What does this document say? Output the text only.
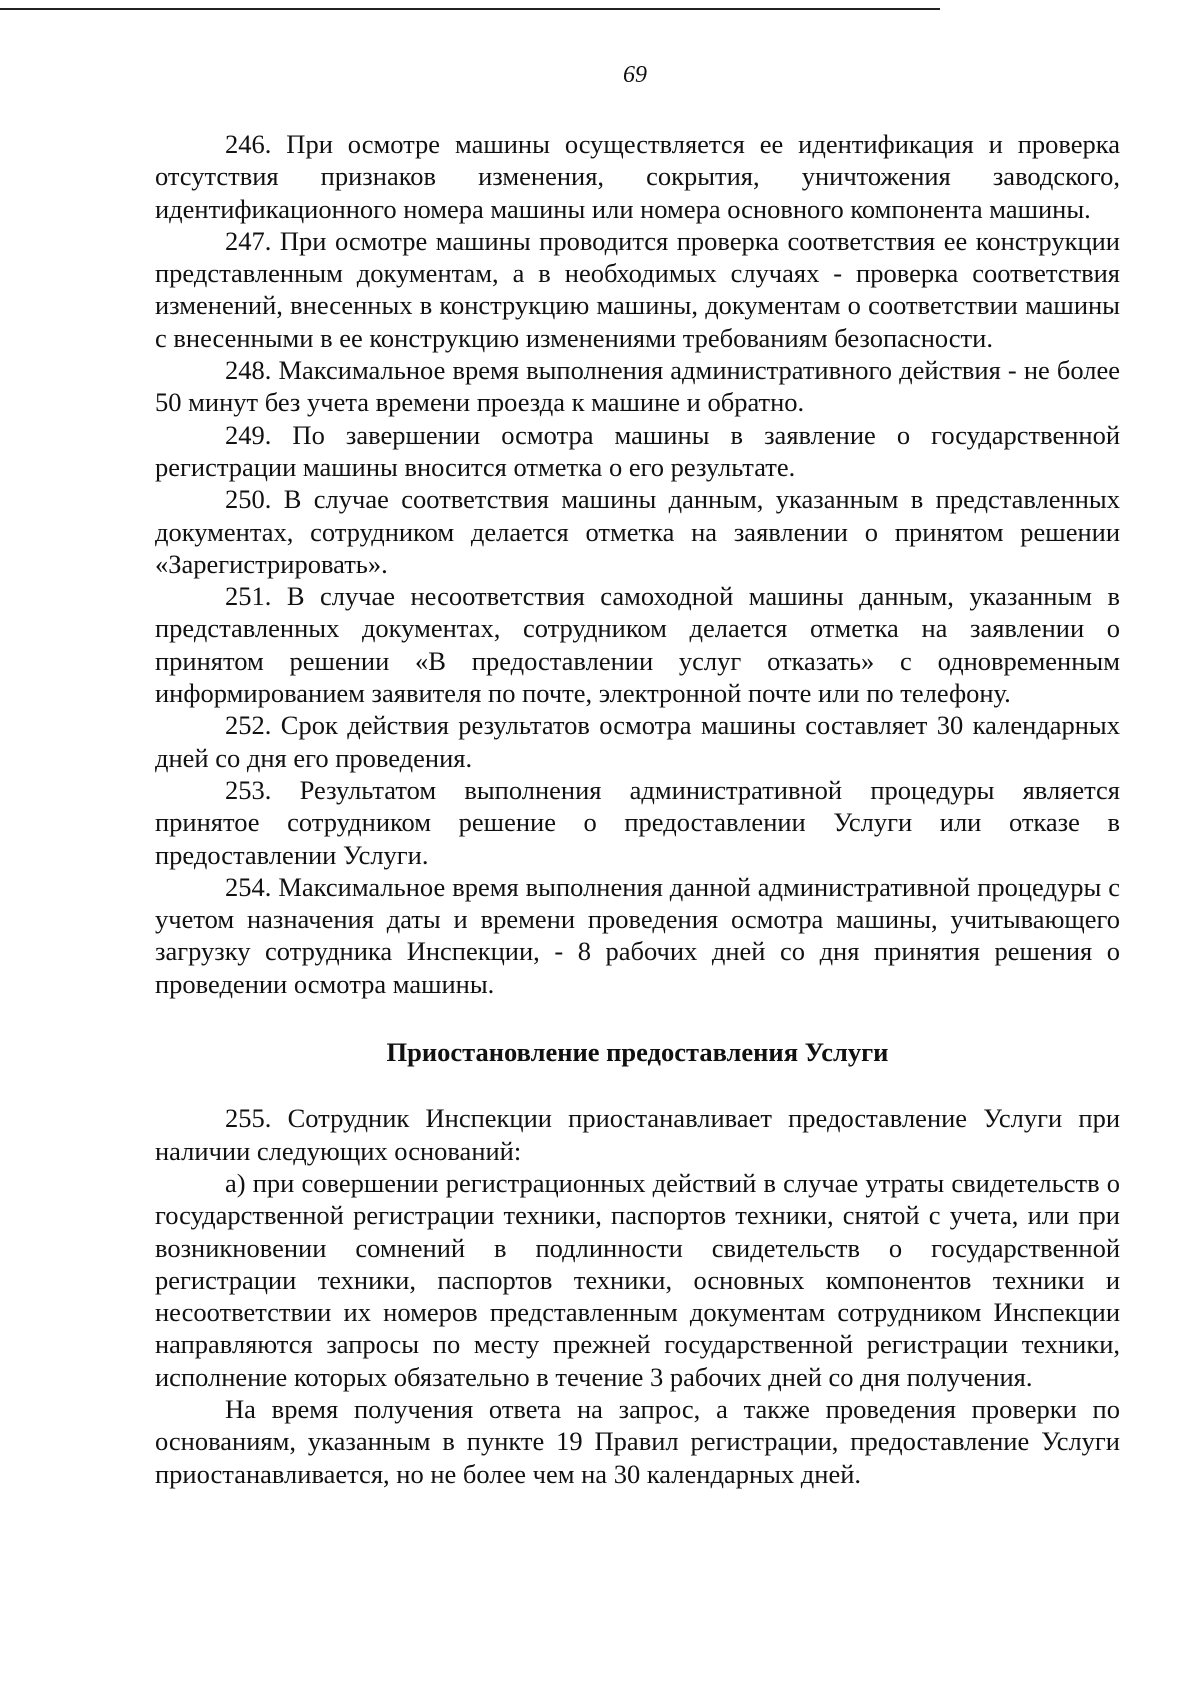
69

246. При осмотре машины осуществляется ее идентификация и проверка отсутствия признаков изменения, сокрытия, уничтожения заводского, идентификационного номера машины или номера основного компонента машины.

247. При осмотре машины проводится проверка соответствия ее конструкции представленным документам, а в необходимых случаях - проверка соответствия изменений, внесенных в конструкцию машины, документам о соответствии машины с внесенными в ее конструкцию изменениями требованиям безопасности.

248. Максимальное время выполнения административного действия - не более 50 минут без учета времени проезда к машине и обратно.

249. По завершении осмотра машины в заявление о государственной регистрации машины вносится отметка о его результате.

250. В случае соответствия машины данным, указанным в представленных документах, сотрудником делается отметка на заявлении о принятом решении «Зарегистрировать».

251. В случае несоответствия самоходной машины данным, указанным в представленных документах, сотрудником делается отметка на заявлении о принятом решении «В предоставлении услуг отказать» с одновременным информированием заявителя по почте, электронной почте или по телефону.

252. Срок действия результатов осмотра машины составляет 30 календарных дней со дня его проведения.

253. Результатом выполнения административной процедуры является принятое сотрудником решение о предоставлении Услуги или отказе в предоставлении Услуги.

254. Максимальное время выполнения данной административной процедуры с учетом назначения даты и времени проведения осмотра машины, учитывающего загрузку сотрудника Инспекции, - 8 рабочих дней со дня принятия решения о проведении осмотра машины.

Приостановление предоставления Услуги

255. Сотрудник Инспекции приостанавливает предоставление Услуги при наличии следующих оснований:

а) при совершении регистрационных действий в случае утраты свидетельств о государственной регистрации техники, паспортов техники, снятой с учета, или при возникновении сомнений в подлинности свидетельств о государственной регистрации техники, паспортов техники, основных компонентов техники и несоответствии их номеров представленным документам сотрудником Инспекции направляются запросы по месту прежней государственной регистрации техники, исполнение которых обязательно в течение 3 рабочих дней со дня получения.

На время получения ответа на запрос, а также проведения проверки по основаниям, указанным в пункте 19 Правил регистрации, предоставление Услуги приостанавливается, но не более чем на 30 календарных дней.
